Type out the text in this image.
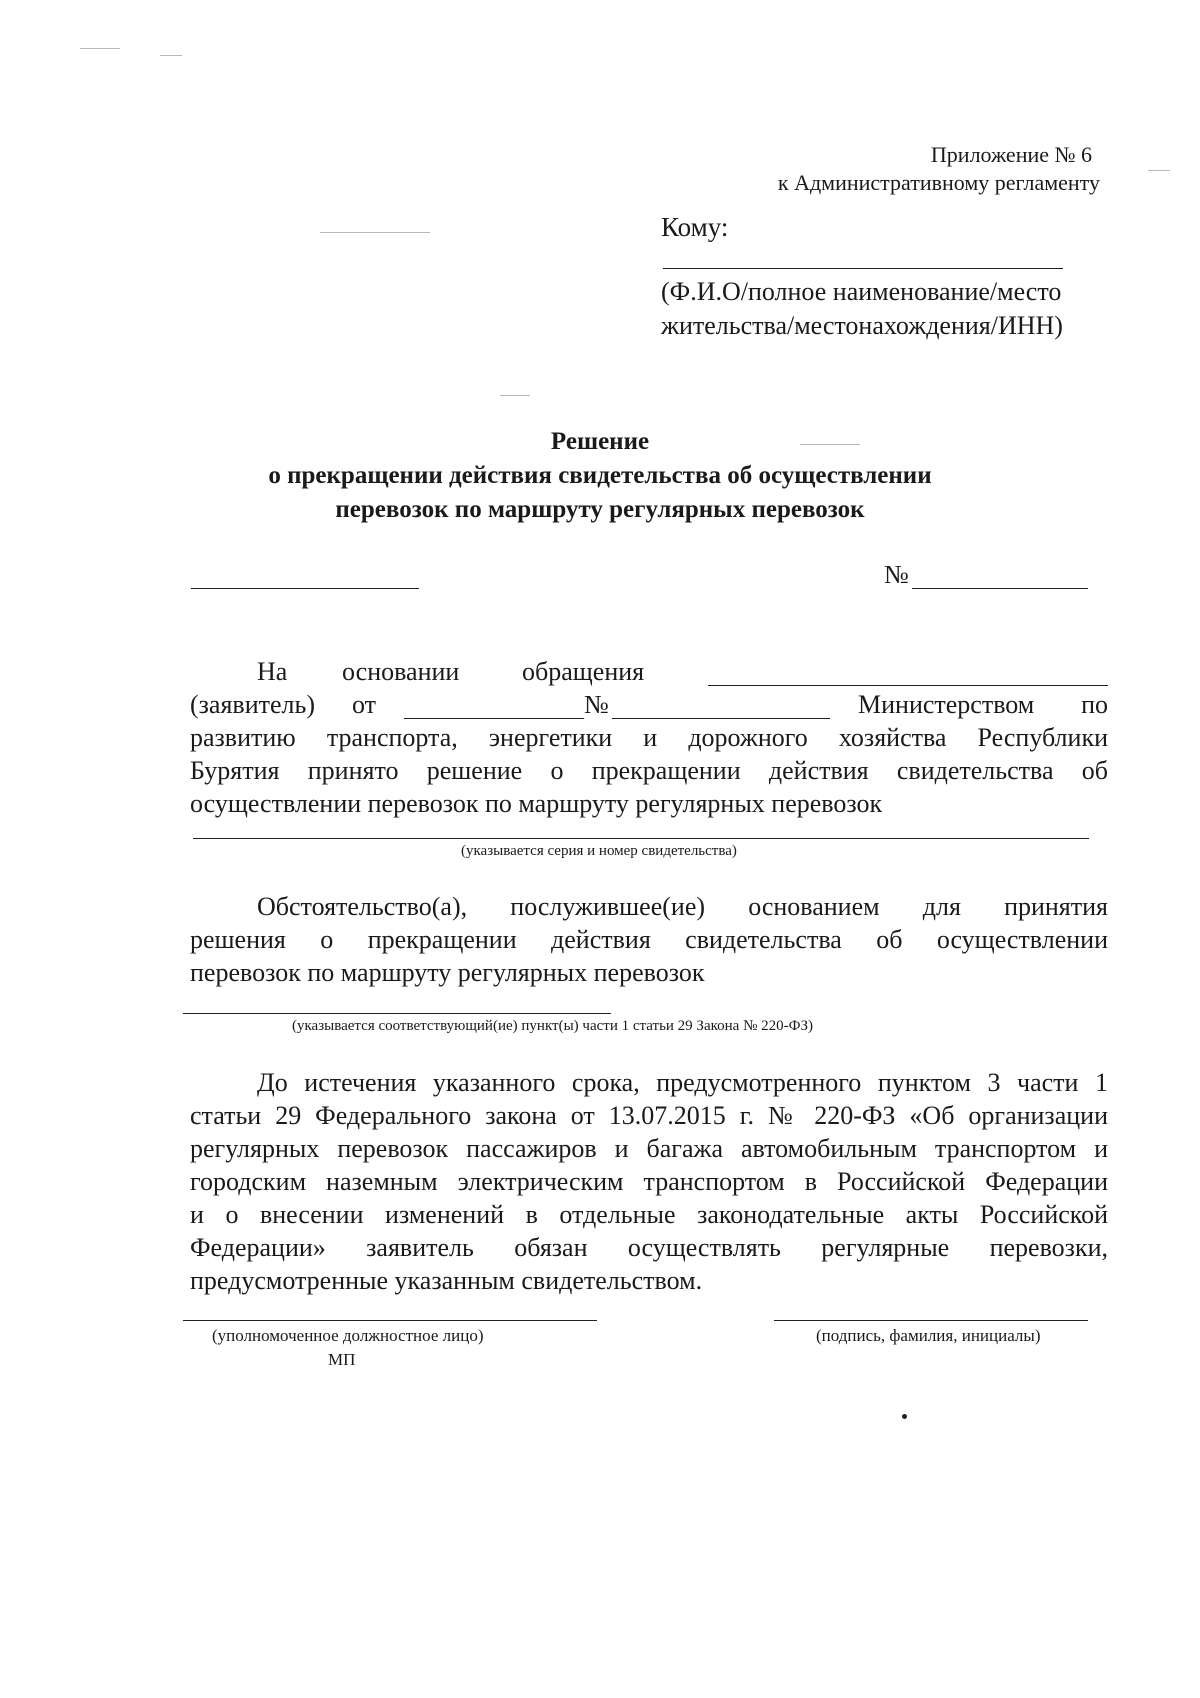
Приложение № 6
к Административному регламенту
Кому:
(Ф.И.О/полное наименование/место
жительства/местонахождения/ИНН)
Решение
о прекращении действия свидетельства об осуществлении
перевозок по маршруту регулярных перевозок
№
На основании обращения
(заявитель) от	№	Министерством по
развитию транспорта, энергетики и дорожного хозяйства Республики
Бурятия принято решение о прекращении действия свидетельства об
осуществлении перевозок по маршруту регулярных перевозок
(указывается серия и номер свидетельства)
Обстоятельство(а), послужившее(ие) основанием для принятия
решения о прекращении действия свидетельства об осуществлении
перевозок по маршруту регулярных перевозок
(указывается соответствующий(ие) пункт(ы) части 1 статьи 29 Закона № 220-ФЗ)
До истечения указанного срока, предусмотренного пунктом 3 части 1
статьи 29 Федерального закона от 13.07.2015 г. № 220-ФЗ «Об организации
регулярных перевозок пассажиров и багажа автомобильным транспортом и
городским наземным электрическим транспортом в Российской Федерации
и о внесении изменений в отдельные законодательные акты Российской
Федерации» заявитель обязан осуществлять регулярные перевозки,
предусмотренные указанным свидетельством.
(уполномоченное должностное лицо)
МП
(подпись, фамилия, инициалы)
